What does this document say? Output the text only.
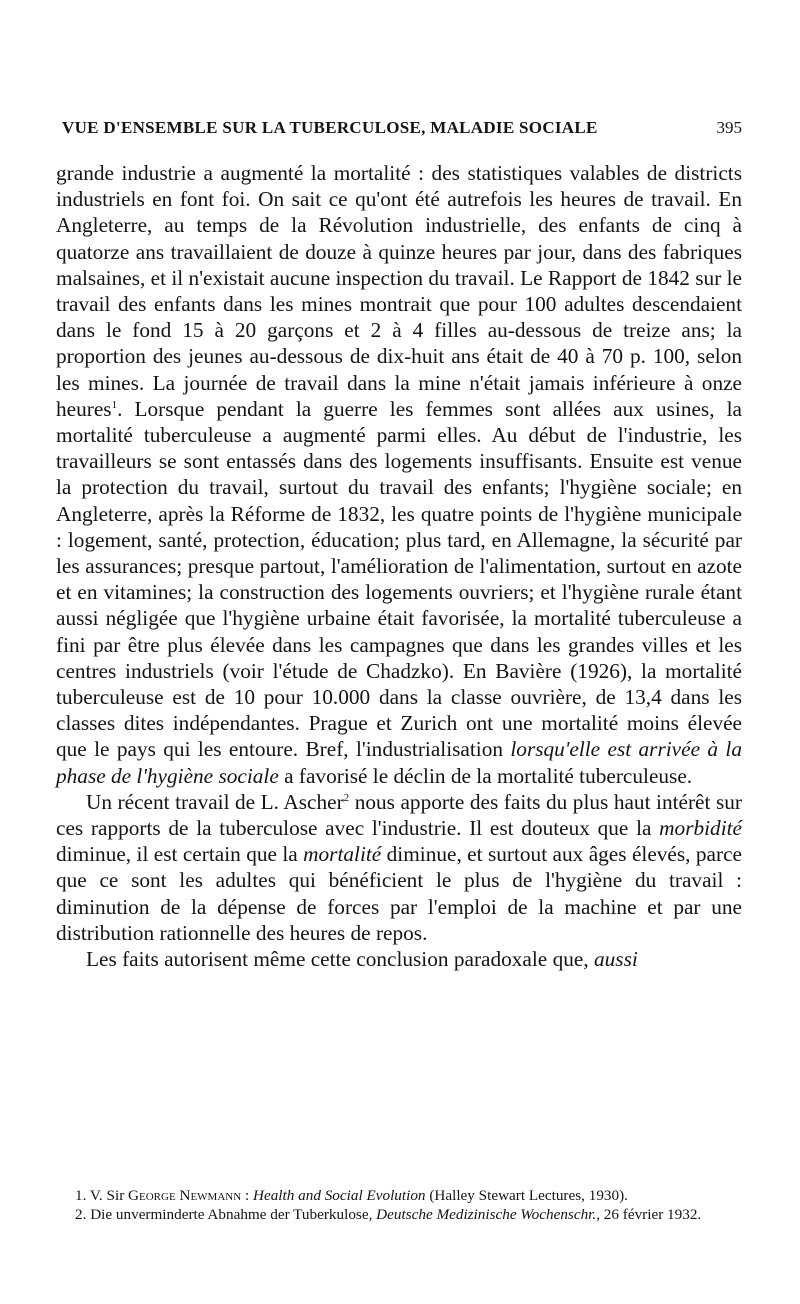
VUE D'ENSEMBLE SUR LA TUBERCULOSE, MALADIE SOCIALE	395

grande industrie a augmenté la mortalité : des statistiques valables de districts industriels en font foi. On sait ce qu'ont été autrefois les heures de travail. En Angleterre, au temps de la Révolution industrielle, des enfants de cinq à quatorze ans travaillaient de douze à quinze heures par jour, dans des fabriques malsaines, et il n'existait aucune inspection du travail. Le Rapport de 1842 sur le travail des enfants dans les mines montrait que pour 100 adultes descendaient dans le fond 15 à 20 garçons et 2 à 4 filles au-dessous de treize ans; la proportion des jeunes au-dessous de dix-huit ans était de 40 à 70 p. 100, selon les mines. La journée de travail dans la mine n'était jamais inférieure à onze heures$^1$. Lorsque pendant la guerre les femmes sont allées aux usines, la mortalité tuberculeuse a augmenté parmi elles. Au début de l'industrie, les travailleurs se sont entassés dans des logements insuffisants. Ensuite est venue la protection du travail, surtout du travail des enfants; l'hygiène sociale; en Angleterre, après la Réforme de 1832, les quatre points de l'hygiène municipale : logement, santé, protection, éducation; plus tard, en Allemagne, la sécurité par les assurances; presque partout, l'amélioration de l'alimentation, surtout en azote et en vitamines; la construction des logements ouvriers; et l'hygiène rurale étant aussi négligée que l'hygiène urbaine était favorisée, la mortalité tuberculeuse a fini par être plus élevée dans les campagnes que dans les grandes villes et les centres industriels (voir l'étude de Chadzko). En Bavière (1926), la mortalité tuberculeuse est de 10 pour 10.000 dans la classe ouvrière, de 13,4 dans les classes dites indépendantes. Prague et Zurich ont une mortalité moins élevée que le pays qui les entoure. Bref, l'industrialisation lorsqu'elle est arrivée à la phase de l'hygiène sociale a favorisé le déclin de la mortalité tuberculeuse.

Un récent travail de L. Ascher$^2$ nous apporte des faits du plus haut intérêt sur ces rapports de la tuberculose avec l'industrie. Il est douteux que la morbidité diminue, il est certain que la mortalité diminue, et surtout aux âges élevés, parce que ce sont les adultes qui bénéficient le plus de l'hygiène du travail : diminution de la dépense de forces par l'emploi de la machine et par une distribution rationnelle des heures de repos.

Les faits autorisent même cette conclusion paradoxale que, aussi

1. V. Sir George Newmann : Health and Social Evolution (Halley Stewart Lectures, 1930).
2. Die unverminderte Abnahme der Tuberkulose, Deutsche Medizinische Wochenschr., 26 février 1932.
